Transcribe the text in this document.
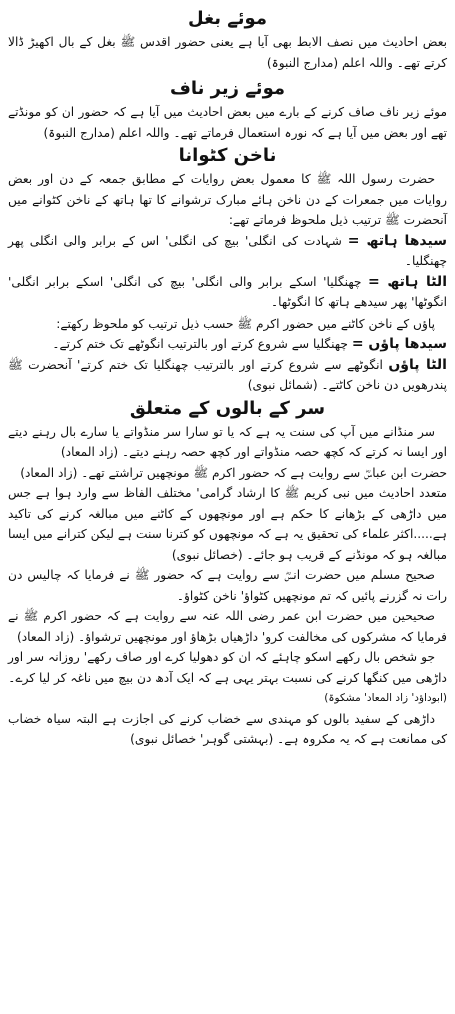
موئے بغل

بعض احادیث میں نصف الابط بھی آیا ہے یعنی حضور اقدس ﷺ بغل کے بال اکھیڑ ڈالا کرتے تھے۔ واللہ اعلم (مدارج النبوۃ)

موئے زیر ناف

موئے زیر ناف صاف کرنے کے بارے میں بعض احادیث میں آیا ہے کہ حضور ان کو مونڈتے تھے اور بعض میں آیا ہے کہ نورہ استعمال فرماتے تھے۔ واللہ اعلم (مدارج النبوۃ)

ناخن کٹوانا

حضرت رسول اللہ ﷺ کا معمول بعض روایات کے مطابق جمعہ کے دن اور بعض روایات میں جمعرات کے دن ناخن ہائے مبارک ترشوانے کا تھا ہاتھ کے ناخن کٹوانے میں آنحضرت ﷺ ترتیب ذیل ملحوظ فرماتے تھے:

سیدھا ہاتھ = شہادت کی انگلی' بیچ کی انگلی' اس کے برابر والی انگلی پھر چھنگلیا۔

الٹا ہاتھ = چھنگلیا' اسکے برابر والی انگلی' بیچ کی انگلی' اسکے برابر انگلی' انگوٹھا' پھر سیدھے ہاتھ کا انگوٹھا۔

پاؤں کے ناخن کاٹنے میں حضور اکرم ﷺ حسب ذیل ترتیب کو ملحوظ رکھتے:

سیدھا پاؤں = چھنگلیا سے شروع کرتے اور بالترتیب انگوٹھے تک ختم کرتے۔

الٹا پاؤں انگوٹھے سے شروع کرتے اور بالترتیب چھنگلیا تک ختم کرتے' آنحضرت ﷺ پندرھویں دن ناخن کاٹتے۔ (شمائل نبوی)

سر کے بالوں کے متعلق

سر منڈانے میں آپ کی سنت یہ ہے کہ یا تو سارا سر منڈواتے یا سارے بال رہنے دیتے اور ایسا نہ کرتے کہ کچھ حصہ منڈواتے اور کچھ حصہ رہنے دیتے۔ (زاد المعاد)

حضرت ابن عباسؓ سے روایت ہے کہ حضور اکرم ﷺ مونچھیں تراشتے تھے۔ (زاد المعاد)

متعدد احادیث میں نبی کریم ﷺ کا ارشاد گرامی' مختلف الفاظ سے وارد ہوا ہے جس میں داڑھی کے بڑھانے کا حکم ہے اور مونچھوں کے کاٹنے میں مبالغہ کرنے کی تاکید ہے.....اکثر علماء کی تحقیق یہ ہے کہ مونچھوں کو کترنا سنت ہے لیکن کترانے میں ایسا مبالغہ ہو کہ مونڈنے کے قریب ہو جائے۔ (خصائل نبوی)

صحیح مسلم میں حضرت انسؓ سے روایت ہے کہ حضور ﷺ نے فرمایا کہ چالیس دن رات نہ گزرنے پائیں کہ تم مونچھیں کٹواؤ' ناخن کٹواؤ۔

صحیحین میں حضرت ابن عمر رضی اللہ عنہ سے روایت ہے کہ حضور اکرم ﷺ نے فرمایا کہ مشرکوں کی مخالفت کرو' داڑھیاں بڑھاؤ اور مونچھیں ترشواؤ۔ (زاد المعاد)

جو شخص بال رکھے اسکو چاہئے کہ ان کو دھولیا کرے اور صاف رکھے' روزانہ سر اور داڑھی میں کنگھا کرنے کی نسبت بہتر یہی ہے کہ ایک آدھ دن بیچ میں ناغہ کر لیا کرے۔

(ابوداؤد' زاد المعاد' مشکوۃ)

داڑھی کے سفید بالوں کو مہندی سے خضاب کرنے کی اجازت ہے البتہ سیاہ خضاب کی ممانعت ہے کہ یہ مکروہ ہے۔ (بہشتی گوہر' خصائل نبوی)
